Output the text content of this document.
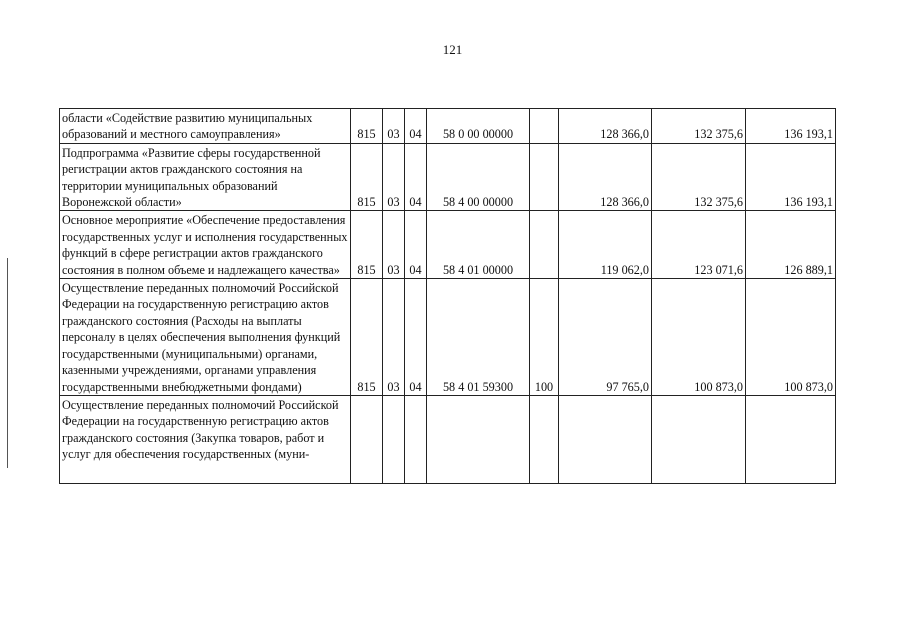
121
области «Содействие развитию муниципальных образований и местного самоуправления»	815	03	04	58 0 00 00000		128 366,0	132 375,6	136 193,1
Подпрограмма «Развитие сферы государственной регистрации актов гражданского состояния на территории муниципальных образований Воронежской области»	815	03	04	58 4 00 00000		128 366,0	132 375,6	136 193,1
Основное мероприятие «Обеспечение предоставления государственных услуг и исполнения государственных функций в сфере регистрации актов гражданского состояния в полном объеме и надлежащего качества»	815	03	04	58 4 01 00000		119 062,0	123 071,6	126 889,1
Осуществление переданных полномочий Российской Федерации на государственную регистрацию актов гражданского состояния (Расходы на выплаты персоналу в целях обеспечения выполнения функций государственными (муниципальными) органами, казенными учреждениями, органами управления государственными внебюджетными фондами)	815	03	04	58 4 01 59300	100	97 765,0	100 873,0	100 873,0
Осуществление переданных полномочий Российской Федерации на государственную регистрацию актов гражданского состояния (Закупка товаров, работ и услуг для обеспечения государственных (муни-								
